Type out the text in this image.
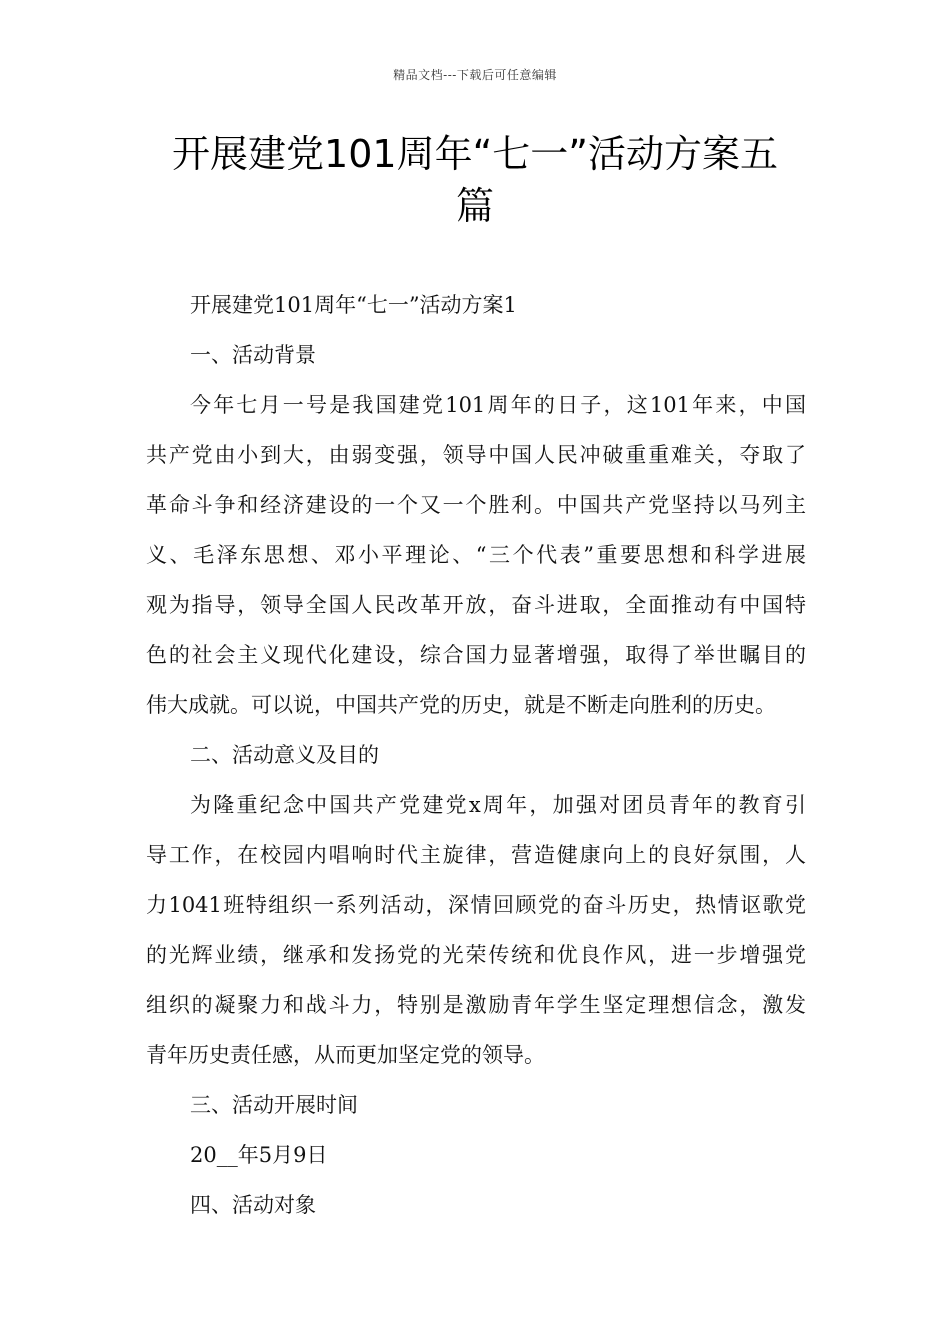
精品文档---下载后可任意编辑
开展建党101周年“七一”活动方案五
篇
开展建党101周年“七一”活动方案1
一、活动背景
今年七月一号是我国建党101周年的日子，这101年来，中国
共产党由小到大，由弱变强，领导中国人民冲破重重难关，夺取了
革命斗争和经济建设的一个又一个胜利。中国共产党坚持以马列主
义、毛泽东思想、邓小平理论、“三个代表”重要思想和科学进展
观为指导，领导全国人民改革开放，奋斗进取，全面推动有中国特
色的社会主义现代化建设，综合国力显著增强，取得了举世瞩目的
伟大成就。可以说，中国共产党的历史，就是不断走向胜利的历史。
二、活动意义及目的
为隆重纪念中国共产党建党x周年，加强对团员青年的教育引
导工作，在校园内唱响时代主旋律，营造健康向上的良好氛围，人
力1041班特组织一系列活动，深情回顾党的奋斗历史，热情讴歌党
的光辉业绩，继承和发扬党的光荣传统和优良作风，进一步增强党
组织的凝聚力和战斗力，特别是激励青年学生坚定理想信念，激发
青年历史责任感，从而更加坚定党的领导。
三、活动开展时间
20__年5月9日
四、活动对象
